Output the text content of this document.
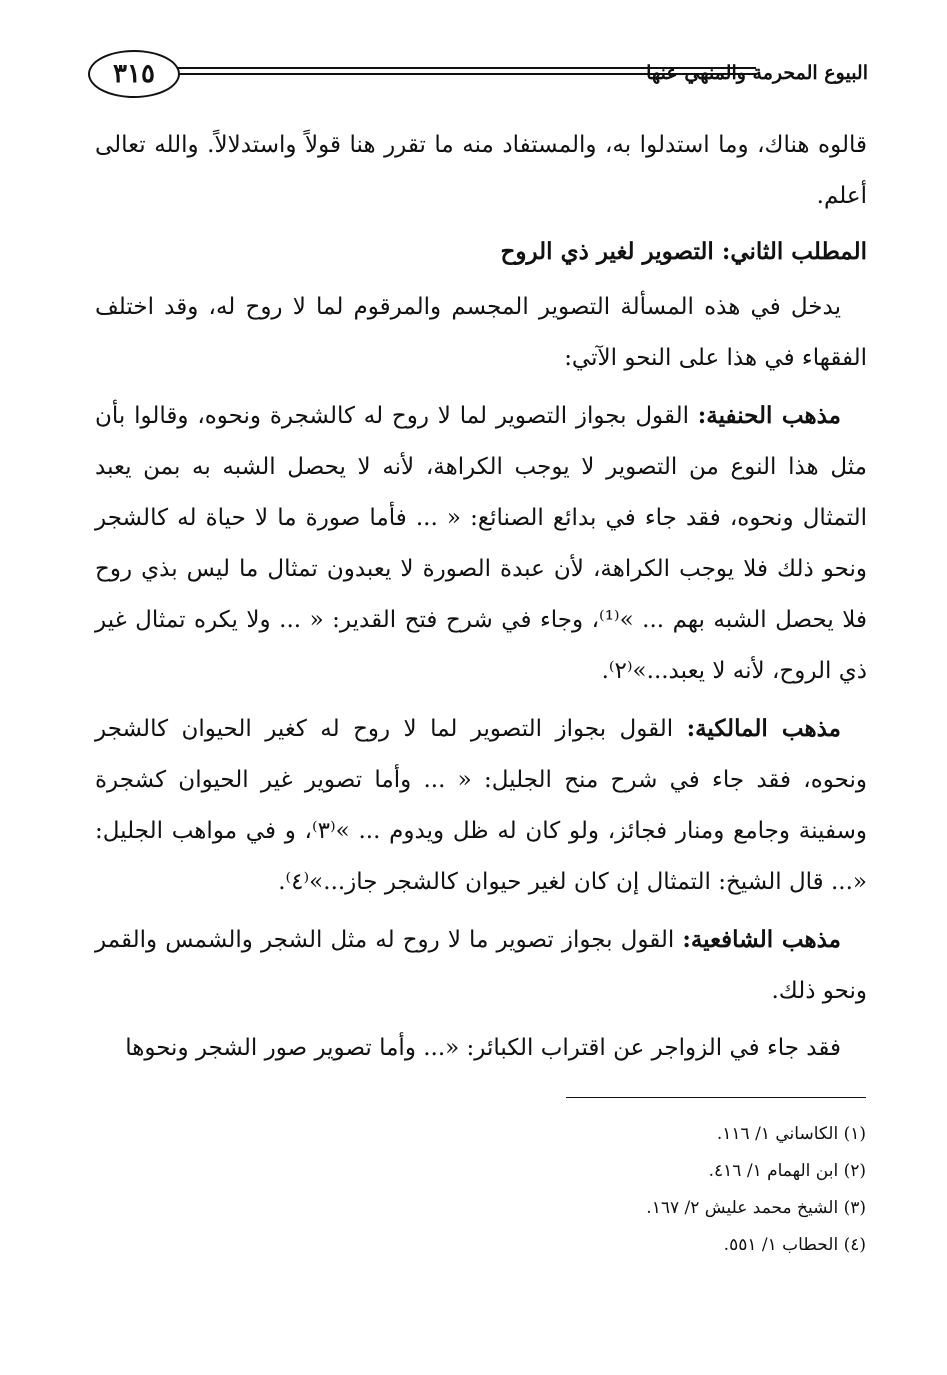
٣١٥	البيوع المحرمة والمنهي عنها

قالوه هناك، وما استدلوا به، والمستفاد منه ما تقرر هنا قولاً واستدلالاً. والله تعالى أعلم.

المطلب الثاني: التصوير لغير ذي الروح

يدخل في هذه المسألة التصوير المجسم والمرقوم لما لا روح له، وقد اختلف الفقهاء في هذا على النحو الآتي:

مذهب الحنفية: القول بجواز التصوير لما لا روح له كالشجرة ونحوه، وقالوا بأن مثل هذا النوع من التصوير لا يوجب الكراهة، لأنه لا يحصل الشبه به بمن يعبد التمثال ونحوه، فقد جاء في بدائع الصنائع: « ... فأما صورة ما لا حياة له كالشجر ونحو ذلك فلا يوجب الكراهة، لأن عبدة الصورة لا يعبدون تمثال ما ليس بذي روح فلا يحصل الشبه بهم ... »⁽¹⁾، وجاء في شرح فتح القدير: « ... ولا يكره تمثال غير ذي الروح، لأنه لا يعبد...»⁽٢⁾.

مذهب المالكية: القول بجواز التصوير لما لا روح له كغير الحيوان كالشجر ونحوه، فقد جاء في شرح منح الجليل: « ... وأما تصوير غير الحيوان كشجرة وسفينة وجامع ومنار فجائز، ولو كان له ظل ويدوم ... »⁽٣⁾، و في مواهب الجليل: «... قال الشيخ: التمثال إن كان لغير حيوان كالشجر جاز...»⁽٤⁾.

مذهب الشافعية: القول بجواز تصوير ما لا روح له مثل الشجر والشمس والقمر ونحو ذلك.

فقد جاء في الزواجر عن اقتراب الكبائر: «... وأما تصوير صور الشجر ونحوها

(١) الكاساني ١/ ١١٦.
(٢) ابن الهمام ١/ ٤١٦.
(٣) الشيخ محمد عليش ٢/ ١٦٧.
(٤) الحطاب ١/ ٥٥١.
